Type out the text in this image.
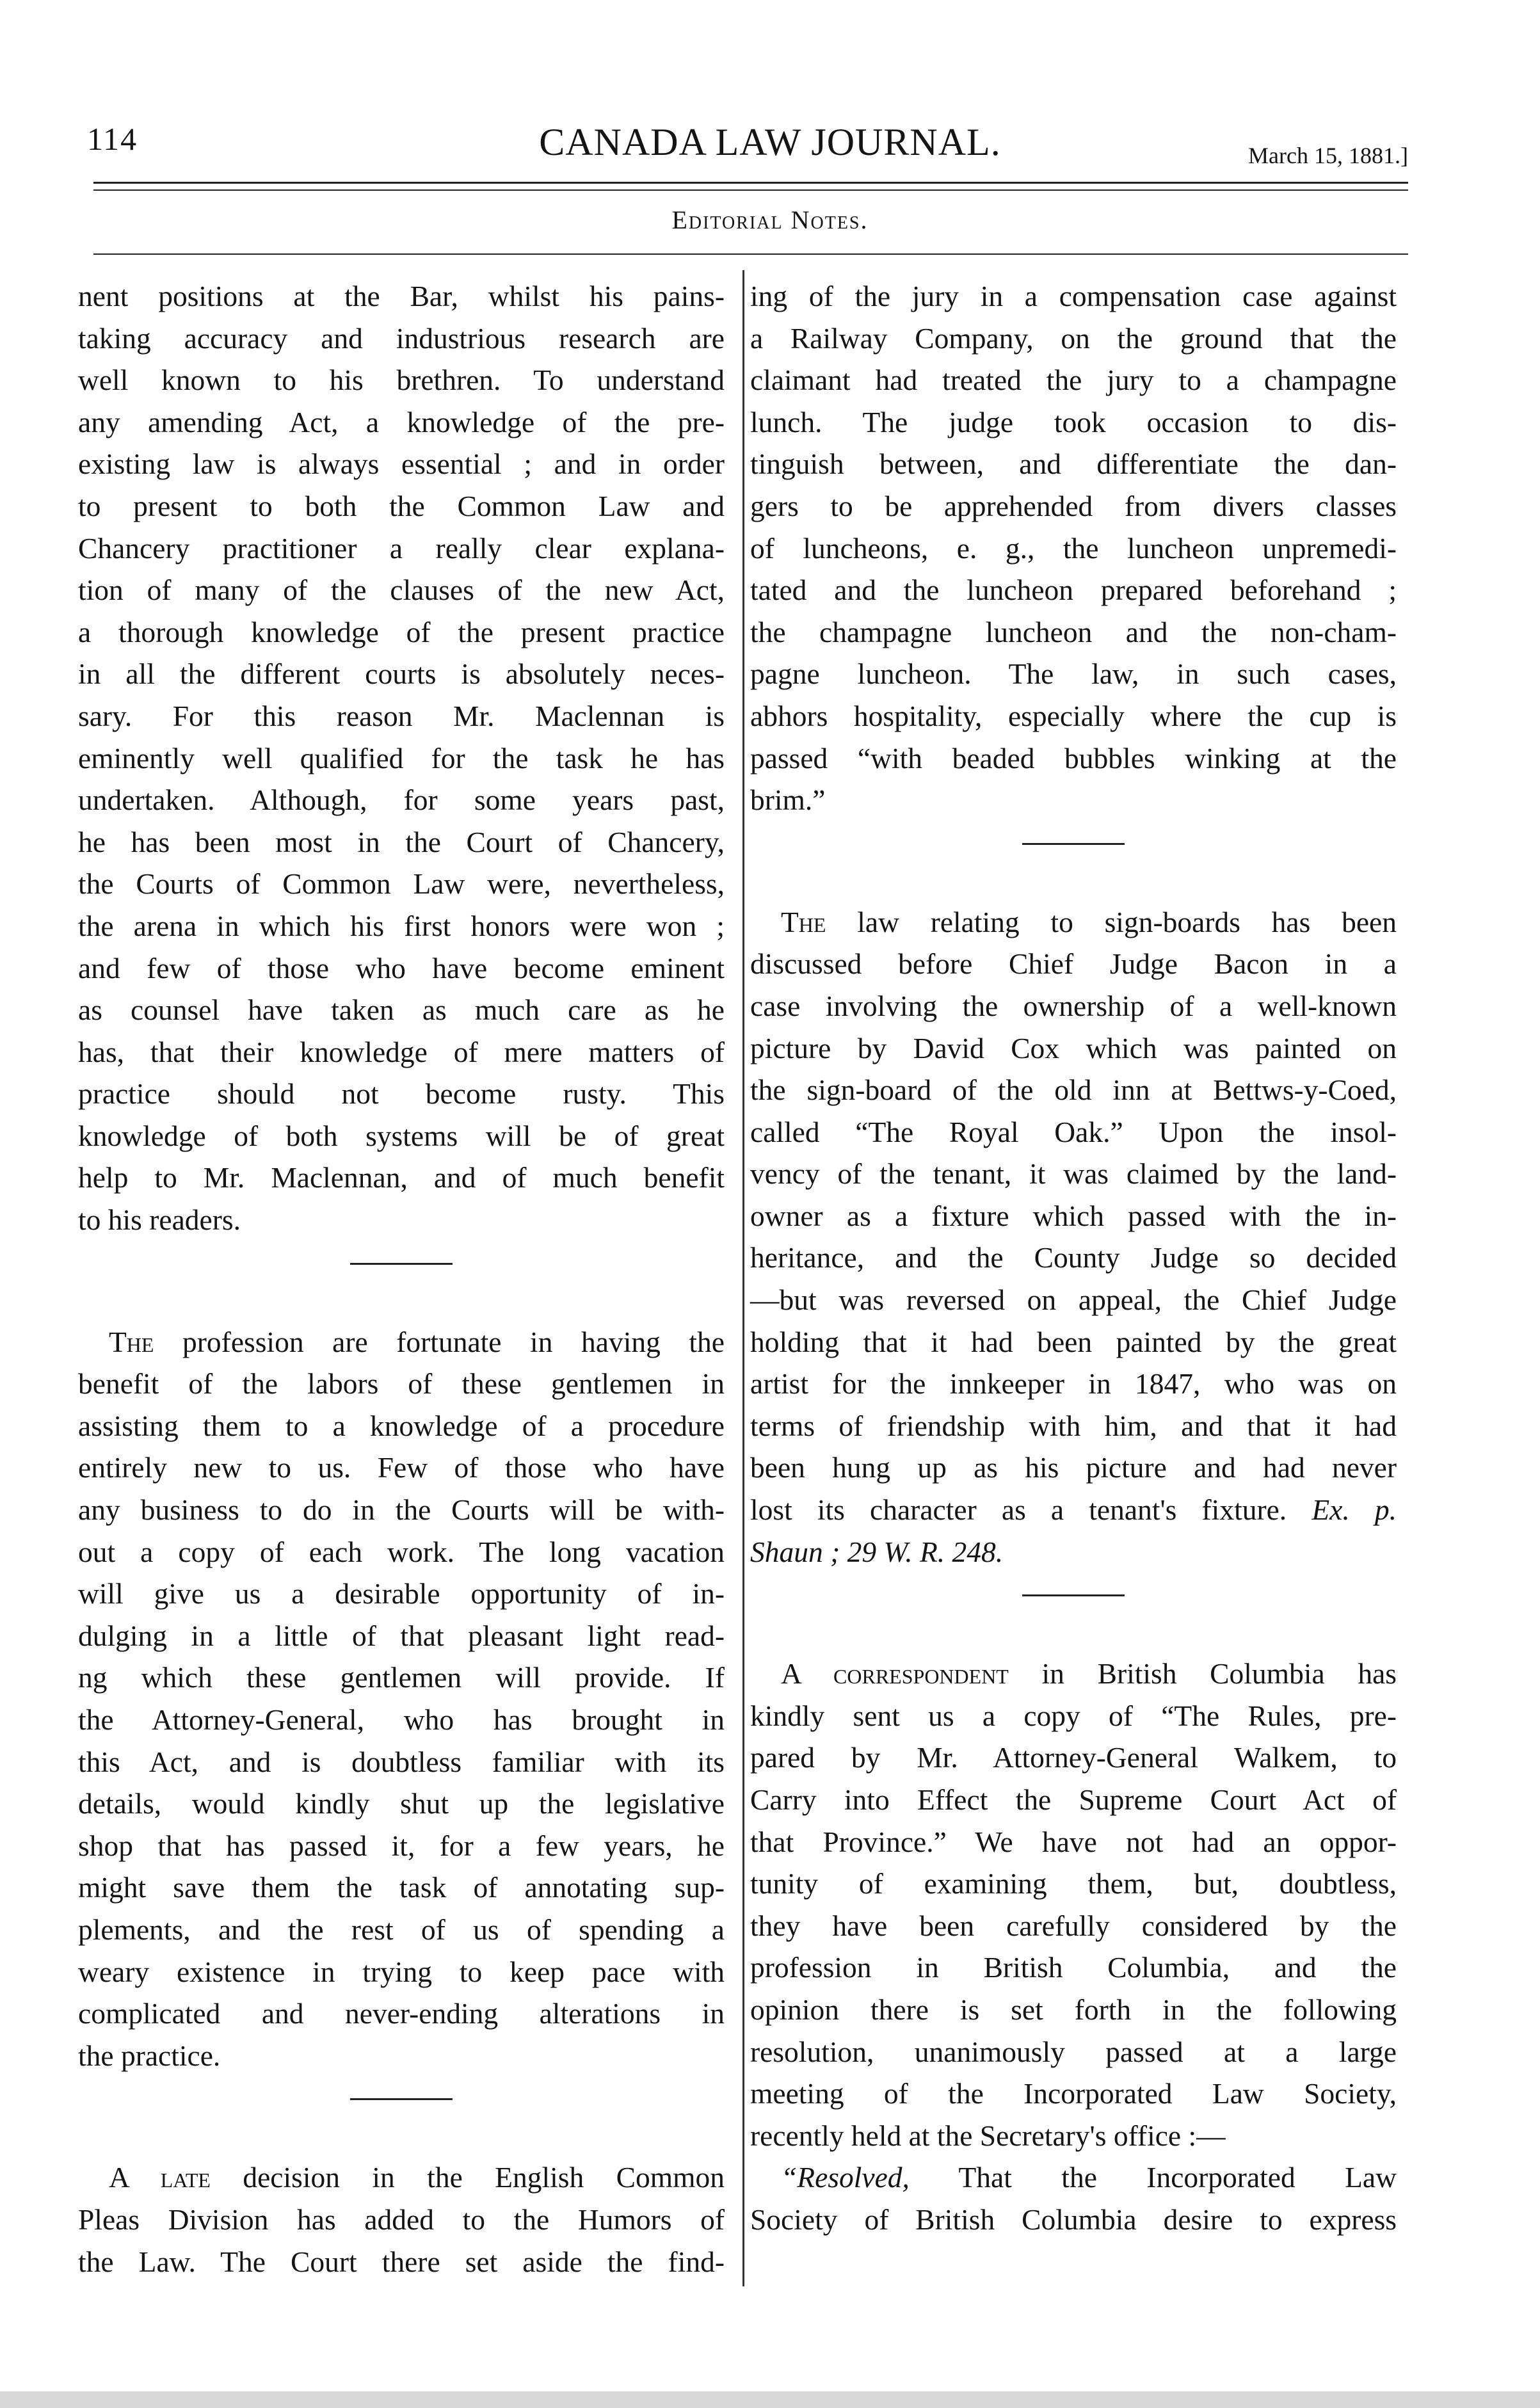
114	CANADA LAW JOURNAL.	March 15, 1881.]
Editorial Notes.

nent positions at the Bar, whilst his pains-
taking accuracy and industrious research are
well known to his brethren. To understand
any amending Act, a knowledge of the pre-
existing law is always essential ; and in order
to present to both the Common Law and
Chancery practitioner a really clear explana-
tion of many of the clauses of the new Act,
a thorough knowledge of the present practice
in all the different courts is absolutely neces-
sary. For this reason Mr. Maclennan is
eminently well qualified for the task he has
undertaken. Although, for some years past,
he has been most in the Court of Chancery,
the Courts of Common Law were, nevertheless,
the arena in which his first honors were won ;
and few of those who have become eminent
as counsel have taken as much care as he
has, that their knowledge of mere matters of
practice should not become rusty. This
knowledge of both systems will be of great
help to Mr. Maclennan, and of much benefit
to his readers.

The profession are fortunate in having the
benefit of the labors of these gentlemen in
assisting them to a knowledge of a procedure
entirely new to us. Few of those who have
any business to do in the Courts will be with-
out a copy of each work. The long vacation
will give us a desirable opportunity of in-
dulging in a little of that pleasant light read-
ng which these gentlemen will provide. If
the Attorney-General, who has brought in
this Act, and is doubtless familiar with its
details, would kindly shut up the legislative
shop that has passed it, for a few years, he
might save them the task of annotating sup-
plements, and the rest of us of spending a
weary existence in trying to keep pace with
complicated and never-ending alterations in
the practice.

A late decision in the English Common
Pleas Division has added to the Humors of
the Law. The Court there set aside the find-

ing of the jury in a compensation case against
a Railway Company, on the ground that the
claimant had treated the jury to a champagne
lunch. The judge took occasion to dis-
tinguish between, and differentiate the dan-
gers to be apprehended from divers classes
of luncheons, e. g., the luncheon unpremedi-
tated and the luncheon prepared beforehand ;
the champagne luncheon and the non-cham-
pagne luncheon. The law, in such cases,
abhors hospitality, especially where the cup is
passed “with beaded bubbles winking at the
brim.”

The law relating to sign-boards has been
discussed before Chief Judge Bacon in a
case involving the ownership of a well-known
picture by David Cox which was painted on
the sign-board of the old inn at Bettws-y-Coed,
called “The Royal Oak.” Upon the insol-
vency of the tenant, it was claimed by the land-
owner as a fixture which passed with the in-
heritance, and the County Judge so decided
—but was reversed on appeal, the Chief Judge
holding that it had been painted by the great
artist for the innkeeper in 1847, who was on
terms of friendship with him, and that it had
been hung up as his picture and had never
lost its character as a tenant's fixture. Ex. p.
Shaun ; 29 W. R. 248.

A correspondent in British Columbia has
kindly sent us a copy of “The Rules, pre-
pared by Mr. Attorney-General Walkem, to
Carry into Effect the Supreme Court Act of
that Province.” We have not had an oppor-
tunity of examining them, but, doubtless,
they have been carefully considered by the
profession in British Columbia, and the
opinion there is set forth in the following
resolution, unanimously passed at a large
meeting of the Incorporated Law Society,
recently held at the Secretary's office :—

“Resolved, That the Incorporated Law
Society of British Columbia desire to express
